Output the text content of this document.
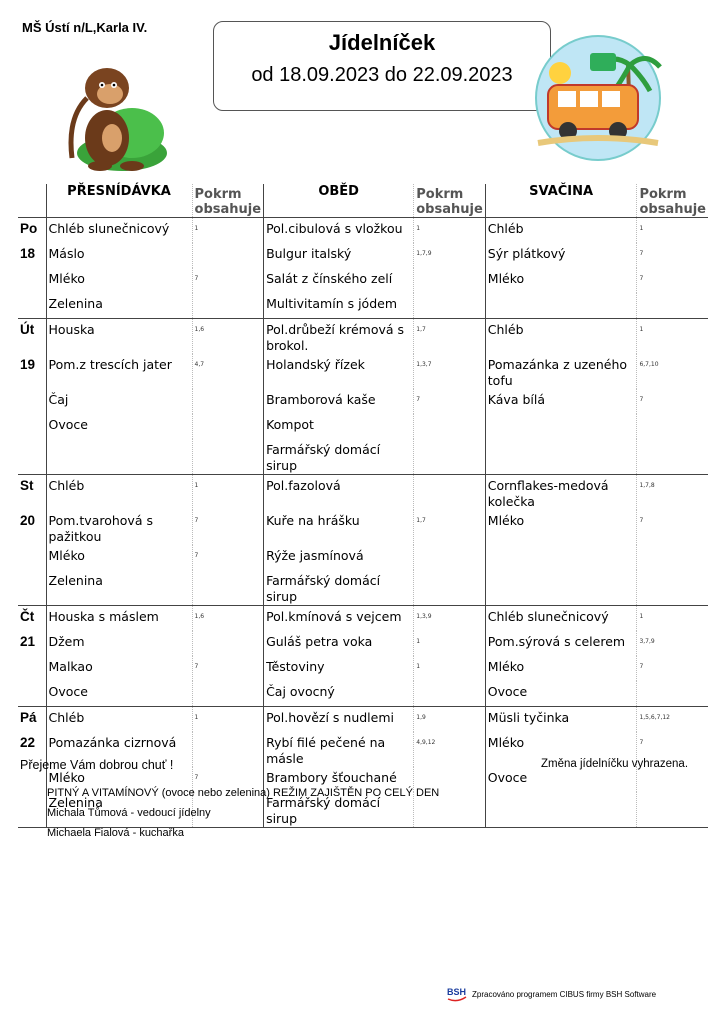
MŠ Ústí n/L,Karla IV.
Jídelníček
od 18.09.2023 do 22.09.2023
	PŘESNÍDÁVKA	Pokrm obsahuje	OBĚD	Pokrm obsahuje	SVAČINA	Pokrm obsahuje
Po	Chléb slunečnicový	1	Pol.cibulová s vložkou	1	Chléb	1
18	Máslo		Bulgur italský	1,7,9	Sýr plátkový	7
	Mléko	7	Salát z čínského zelí		Mléko	7
	Zelenina		Multivitamín s jódem			
Út	Houska	1,6	Pol.drůbeží krémová s brokol.	1,7	Chléb	1
19	Pom.z trescích jater	4,7	Holandský řízek	1,3,7	Pomazánka z uzeného tofu	6,7,10
	Čaj		Bramborová kaše	7	Káva bílá	7
	Ovoce		Kompot			
			Farmářský domácí sirup			
St	Chléb	1	Pol.fazolová		Cornflakes-medová kolečka	1,7,8
20	Pom.tvarohová s pažitkou	7	Kuře na hrášku	1,7	Mléko	7
	Mléko	7	Rýže jasmínová			
	Zelenina		Farmářský domácí sirup			
Čt	Houska s máslem	1,6	Pol.kmínová s vejcem	1,3,9	Chléb slunečnicový	1
21	Džem		Guláš petra voka	1	Pom.sýrová s celerem	3,7,9
	Malkao	7	Těstoviny	1	Mléko	7
	Ovoce		Čaj ovocný		Ovoce	
Pá	Chléb	1	Pol.hovězí s nudlemi	1,9	Müsli tyčinka	1,5,6,7,12
22	Pomazánka cizrnová		Rybí filé pečené na másle	4,9,12	Mléko	7
	Mléko	7	Brambory šťouchané		Ovoce	
	Zelenina		Farmářský domácí sirup			
Přejeme Vám dobrou chuť !	Změna jídelníčku vyhrazena.
PITNÝ A VITAMÍNOVÝ (ovoce nebo zelenina) REŽIM ZAJIŠTĚN PO CELÝ DEN
Michala Tůmová - vedoucí jídelny
Michaela Fialová - kuchařka
BSH Zpracováno programem CIBUS firmy BSH Software
